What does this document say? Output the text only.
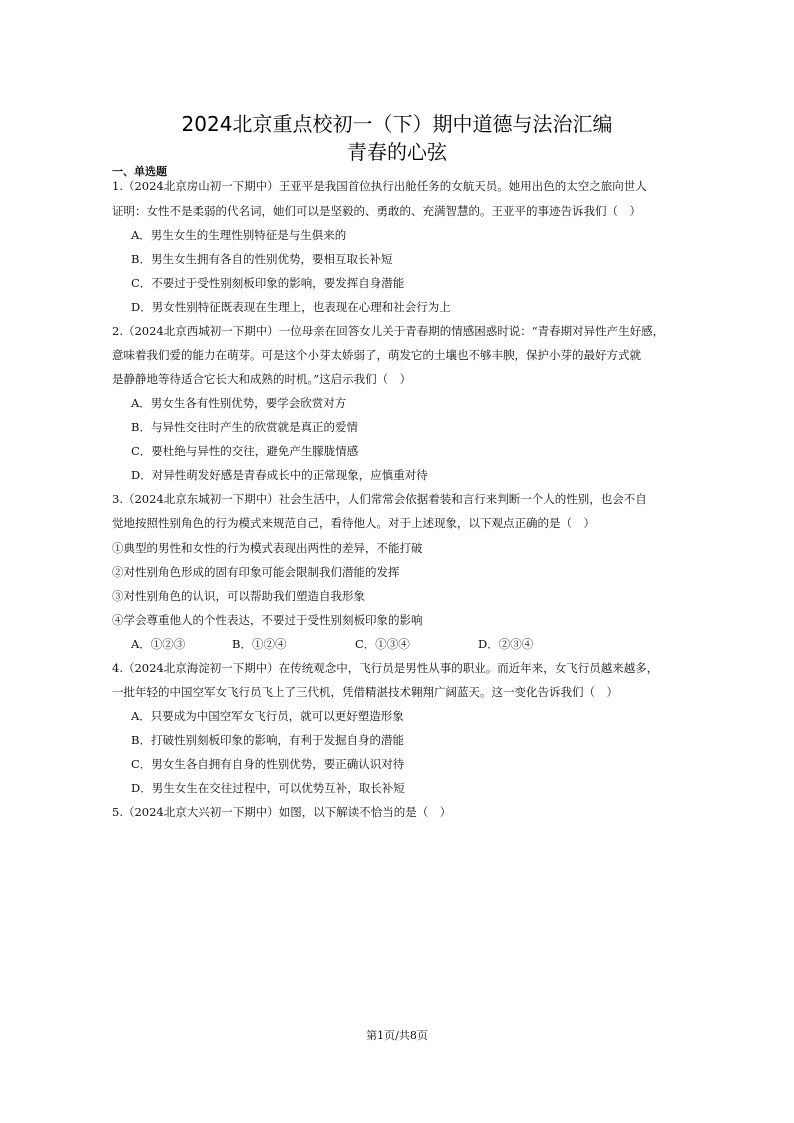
2024北京重点校初一（下）期中道德与法治汇编
青春的心弦
一、单选题
1.（2024北京房山初一下期中）王亚平是我国首位执行出舱任务的女航天员。她用出色的太空之旅向世人
证明：女性不是柔弱的代名词，她们可以是坚毅的、勇敢的、充满智慧的。王亚平的事迹告诉我们（　）
A．男生女生的生理性别特征是与生俱来的
B．男生女生拥有各自的性别优势，要相互取长补短
C．不要过于受性别刻板印象的影响，要发挥自身潜能
D．男女性别特征既表现在生理上，也表现在心理和社会行为上
2.（2024北京西城初一下期中）一位母亲在回答女儿关于青春期的情感困惑时说：“青春期对异性产生好感，
意味着我们爱的能力在萌芽。可是这个小芽太娇弱了，萌发它的土壤也不够丰腴，保护小芽的最好方式就
是静静地等待适合它长大和成熟的时机。”这启示我们（　）
A．男女生各有性别优势，要学会欣赏对方
B．与异性交往时产生的欣赏就是真正的爱情
C．要杜绝与异性的交往，避免产生朦胧情感
D．对异性萌发好感是青春成长中的正常现象，应慎重对待
3.（2024北京东城初一下期中）社会生活中，人们常常会依据着装和言行来判断一个人的性别，也会不自
觉地按照性别角色的行为模式来规范自己，看待他人。对于上述现象，以下观点正确的是（　）
①典型的男性和女性的行为模式表现出两性的差异，不能打破
②对性别角色形成的固有印象可能会限制我们潜能的发挥
③对性别角色的认识，可以帮助我们塑造自我形象
④学会尊重他人的个性表达，不要过于受性别刻板印象的影响
A．①②③	B．①②④	C．①③④	D．②③④
4.（2024北京海淀初一下期中）在传统观念中，飞行员是男性从事的职业。而近年来，女飞行员越来越多，
一批年轻的中国空军女飞行员飞上了三代机，凭借精湛技术翱翔广阔蓝天。这一变化告诉我们（　）
A．只要成为中国空军女飞行员，就可以更好塑造形象
B．打破性别刻板印象的影响，有利于发掘自身的潜能
C．男女生各自拥有自身的性别优势，要正确认识对待
D．男生女生在交往过程中，可以优势互补，取长补短
5.（2024北京大兴初一下期中）如图，以下解读不恰当的是（　）
第1页/共8页
